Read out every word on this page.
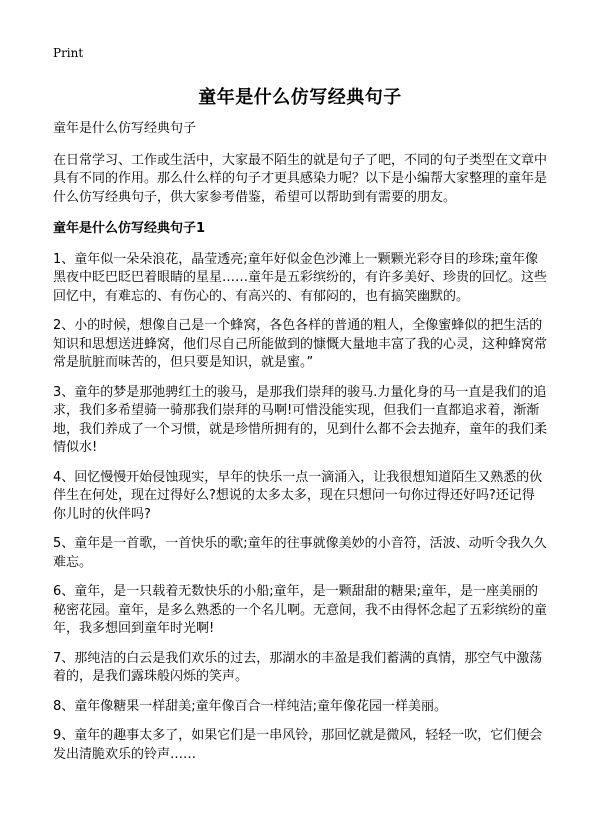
Print
童年是什么仿写经典句子
童年是什么仿写经典句子
在日常学习、工作或生活中，大家最不陌生的就是句子了吧，不同的句子类型在文章中具有不同的作用。那么什么样的句子才更具感染力呢？以下是小编帮大家整理的童年是什么仿写经典句子，供大家参考借鉴，希望可以帮助到有需要的朋友。
童年是什么仿写经典句子1
1、童年似一朵朵浪花，晶莹透亮;童年好似金色沙滩上一颗颗光彩夺目的珍珠;童年像黑夜中眨巴眨巴着眼睛的星星……童年是五彩缤纷的，有许多美好、珍贵的回忆。这些回忆中，有难忘的、有伤心的、有高兴的、有郁闷的，也有搞笑幽默的。
2、小的时候，想像自己是一个蜂窝，各色各样的普通的粗人，全像蜜蜂似的把生活的知识和思想送进蜂窝，他们尽自己所能做到的慷慨大量地丰富了我的心灵，这种蜂窝常常是肮脏而味苦的，但只要是知识，就是蜜。”
3、童年的梦是那弛骋红土的骏马，是那我们崇拜的骏马.力量化身的马一直是我们的追求，我们多希望骑一骑那我们崇拜的马啊!可惜没能实现，但我们一直都追求着，渐渐地，我们养成了一个习惯，就是珍惜所拥有的，见到什么都不会去抛弃，童年的我们柔情似水!
4、回忆慢慢开始侵蚀现实，早年的快乐一点一滴涌入，让我很想知道陌生又熟悉的伙伴生在何处，现在过得好么?想说的太多太多，现在只想问一句你过得还好吗?还记得你儿时的伙伴吗?
5、童年是一首歌，一首快乐的歌;童年的往事就像美妙的小音符，活波、动听令我久久难忘。
6、童年，是一只载着无数快乐的小船;童年，是一颗甜甜的糖果;童年，是一座美丽的秘密花园。童年，是多么熟悉的一个名儿啊。无意间，我不由得怀念起了五彩缤纷的童年，我多想回到童年时光啊!
7、那纯洁的白云是我们欢乐的过去，那湖水的丰盈是我们蓄满的真情，那空气中激荡着的，是我们露珠般闪烁的笑声。
8、童年像糖果一样甜美;童年像百合一样纯洁;童年像花园一样美丽。
9、童年的趣事太多了，如果它们是一串风铃，那回忆就是微风，轻轻一吹，它们便会发出清脆欢乐的铃声……
